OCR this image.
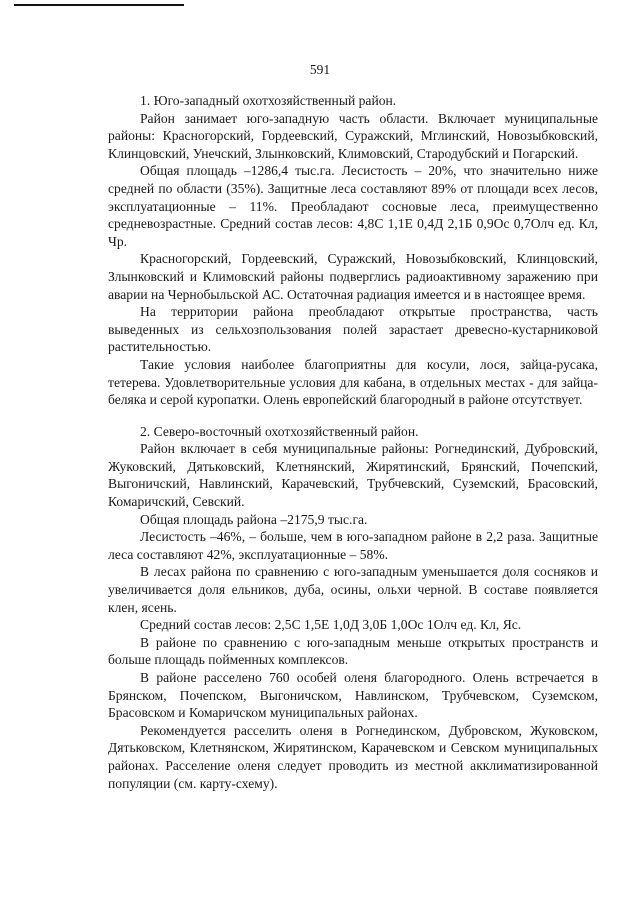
591

1. Юго-западный охотхозяйственный район.

Район занимает юго-западную часть области. Включает муниципальные районы: Красногорский, Гордеевский, Суражский, Мглинский, Новозыбковский, Клинцовский, Унечский, Злынковский, Климовский, Стародубский и Погарский.

Общая площадь –1286,4 тыс.га. Лесистость – 20%, что значительно ниже средней по области (35%). Защитные леса составляют 89% от площади всех лесов, эксплуатационные – 11%. Преобладают сосновые леса, преимущественно средневозрастные. Средний состав лесов: 4,8С 1,1Е 0,4Д 2,1Б 0,9Ос 0,7Олч ед. Кл, Чр.

Красногорский, Гордеевский, Суражский, Новозыбковский, Клинцовский, Злынковский и Климовский районы подверглись радиоактивному заражению при аварии на Чернобыльской АС. Остаточная радиация имеется и в настоящее время.

На территории района преобладают открытые пространства, часть выведенных из сельхозпользования полей зарастает древесно-кустарниковой растительностью.

Такие условия наиболее благоприятны для косули, лося, зайца-русака, тетерева. Удовлетворительные условия для кабана, в отдельных местах - для зайца-беляка и серой куропатки. Олень европейский благородный в районе отсутствует.

2. Северо-восточный охотхозяйственный район.

Район включает в себя муниципальные районы: Рогнединский, Дубровский, Жуковский, Дятьковский, Клетнянский, Жирятинский, Брянский, Почепский, Выгоничский, Навлинский, Карачевский, Трубчевский, Суземский, Брасовский, Комаричский, Севский.

Общая площадь района –2175,9 тыс.га.

Лесистость –46%, – больше, чем в юго-западном районе в 2,2 раза. Защитные леса составляют 42%, эксплуатационные – 58%.

В лесах района по сравнению с юго-западным уменьшается доля сосняков и увеличивается доля ельников, дуба, осины, ольхи черной. В составе появляется клен, ясень.

Средний состав лесов: 2,5С 1,5Е 1,0Д 3,0Б 1,0Ос 1Олч ед. Кл, Яс.

В районе по сравнению с юго-западным меньше открытых пространств и больше площадь пойменных комплексов.

В районе расселено 760 особей оленя благородного. Олень встречается в Брянском, Почепском, Выгоничском, Навлинском, Трубчевском, Суземском, Брасовском и Комаричском муниципальных районах.

Рекомендуется расселить оленя в Рогнединском, Дубровском, Жуковском, Дятьковском, Клетнянском, Жирятинском, Карачевском и Севском муниципальных районах. Расселение оленя следует проводить из местной акклиматизированной популяции (см. карту-схему).
